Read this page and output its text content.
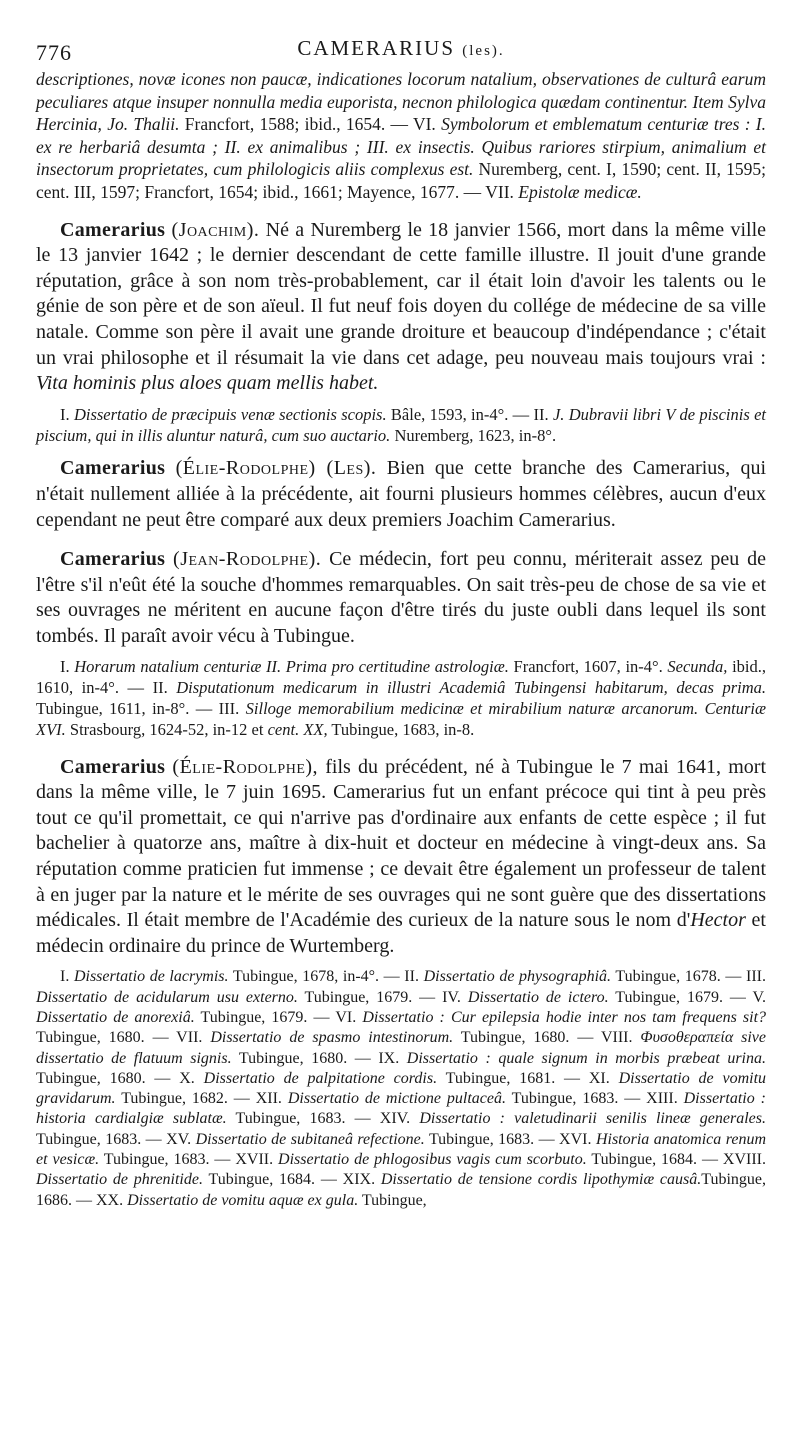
776	CAMERARIUS (les).

descriptiones, novæ icones non paucæ, indicationes locorum natalium, observationes de culturâ earum peculiares atque insuper nonnulla media euporista, necnon philologica quædam continentur. Item Sylva Hercinia, Jo. Thalii. Francfort, 1588; ibid., 1654. — VI. Symbolorum et emblematum centuriæ tres : I. ex re herbariâ desumta ; II. ex animalibus ; III. ex insectis. Quibus rariores stirpium, animalium et insectorum proprietates, cum philologicis aliis complexus est. Nuremberg, cent. I, 1590; cent. II, 1595; cent. III, 1597; Francfort, 1654; ibid., 1661; Mayence, 1677. — VII. Epistolæ medicæ.

Camerarius (Joachim). Né a Nuremberg le 18 janvier 1566, mort dans la même ville le 13 janvier 1642 ; le dernier descendant de cette famille illustre. Il jouit d'une grande réputation, grâce à son nom très-probablement, car il était loin d'avoir les talents ou le génie de son père et de son aïeul. Il fut neuf fois doyen du collége de médecine de sa ville natale. Comme son père il avait une grande droiture et beaucoup d'indépendance ; c'était un vrai philosophe et il résumait la vie dans cet adage, peu nouveau mais toujours vrai : Vita hominis plus aloes quam mellis habet.

I. Dissertatio de præcipuis venæ sectionis scopis. Bâle, 1593, in-4°. — II. J. Dubravii libri V de piscinis et piscium, qui in illis aluntur naturâ, cum suo auctario. Nuremberg, 1623, in-8°.

Camerarius (Élie-Rodolphe) (Les). Bien que cette branche des Camerarius, qui n'était nullement alliée à la précédente, ait fourni plusieurs hommes célèbres, aucun d'eux cependant ne peut être comparé aux deux premiers Joachim Camerarius.

Camerarius (Jean-Rodolphe). Ce médecin, fort peu connu, mériterait assez peu de l'être s'il n'eût été la souche d'hommes remarquables. On sait très-peu de chose de sa vie et ses ouvrages ne méritent en aucune façon d'être tirés du juste oubli dans lequel ils sont tombés. Il paraît avoir vécu à Tubingue.

I. Horarum natalium centuriæ II. Prima pro certitudine astrologiæ. Francfort, 1607, in-4°. Secunda, ibid., 1610, in-4°. — II. Disputationum medicarum in illustri Academiâ Tubingensi habitarum, decas prima. Tubingue, 1611, in-8°. — III. Silloge memorabilium medicinæ et mirabilium naturæ arcanorum. Centuriæ XVI. Strasbourg, 1624-52, in-12 et cent. XX, Tubingue, 1683, in-8.

Camerarius (Élie-Rodolphe), fils du précédent, né à Tubingue le 7 mai 1641, mort dans la même ville, le 7 juin 1695. Camerarius fut un enfant précoce qui tint à peu près tout ce qu'il promettait, ce qui n'arrive pas d'ordinaire aux enfants de cette espèce ; il fut bachelier à quatorze ans, maître à dix-huit et docteur en médecine à vingt-deux ans. Sa réputation comme praticien fut immense ; ce devait être également un professeur de talent à en juger par la nature et le mérite de ses ouvrages qui ne sont guère que des dissertations médicales. Il était membre de l'Académie des curieux de la nature sous le nom d'Hector et médecin ordinaire du prince de Wurtemberg.

I. Dissertatio de lacrymis. Tubingue, 1678, in-4°. — II. Dissertatio de physographiâ. Tubingue, 1678. — III. Dissertatio de acidularum usu externo. Tubingue, 1679. — IV. Dissertatio de ictero. Tubingue, 1679. — V. Dissertatio de anorexiâ. Tubingue, 1679. — VI. Dissertatio : Cur epilepsia hodie inter nos tam frequens sit? Tubingue, 1680. — VII. Dissertatio de spasmo intestinorum. Tubingue, 1680. — VIII. Φυσοθεραπεία sive dissertatio de flatuum signis. Tubingue, 1680. — IX. Dissertatio : quale signum in morbis præbeat urina. Tubingue, 1680. — X. Dissertatio de palpitatione cordis. Tubingue, 1681. — XI. Dissertatio de vomitu gravidarum. Tubingue, 1682. — XII. Dissertatio de mictione pultaceâ. Tubingue, 1683. — XIII. Dissertatio : historia cardialgiæ sublatæ. Tubingue, 1683. — XIV. Dissertatio : valetudinarii senilis lineæ generales. Tubingue, 1683. — XV. Dissertatio de subitaneâ refectione. Tubingue, 1683. — XVI. Historia anatomica renum et vesicæ. Tubingue, 1683. — XVII. Dissertatio de phlogosibus vagis cum scorbuto. Tubingue, 1684. — XVIII. Dissertatio de phrenitide. Tubingue, 1684. — XIX. Dissertatio de tensione cordis lipothymiæ causâ.Tubingue, 1686. — XX. Dissertatio de vomitu aquæ ex gula. Tubingue,
